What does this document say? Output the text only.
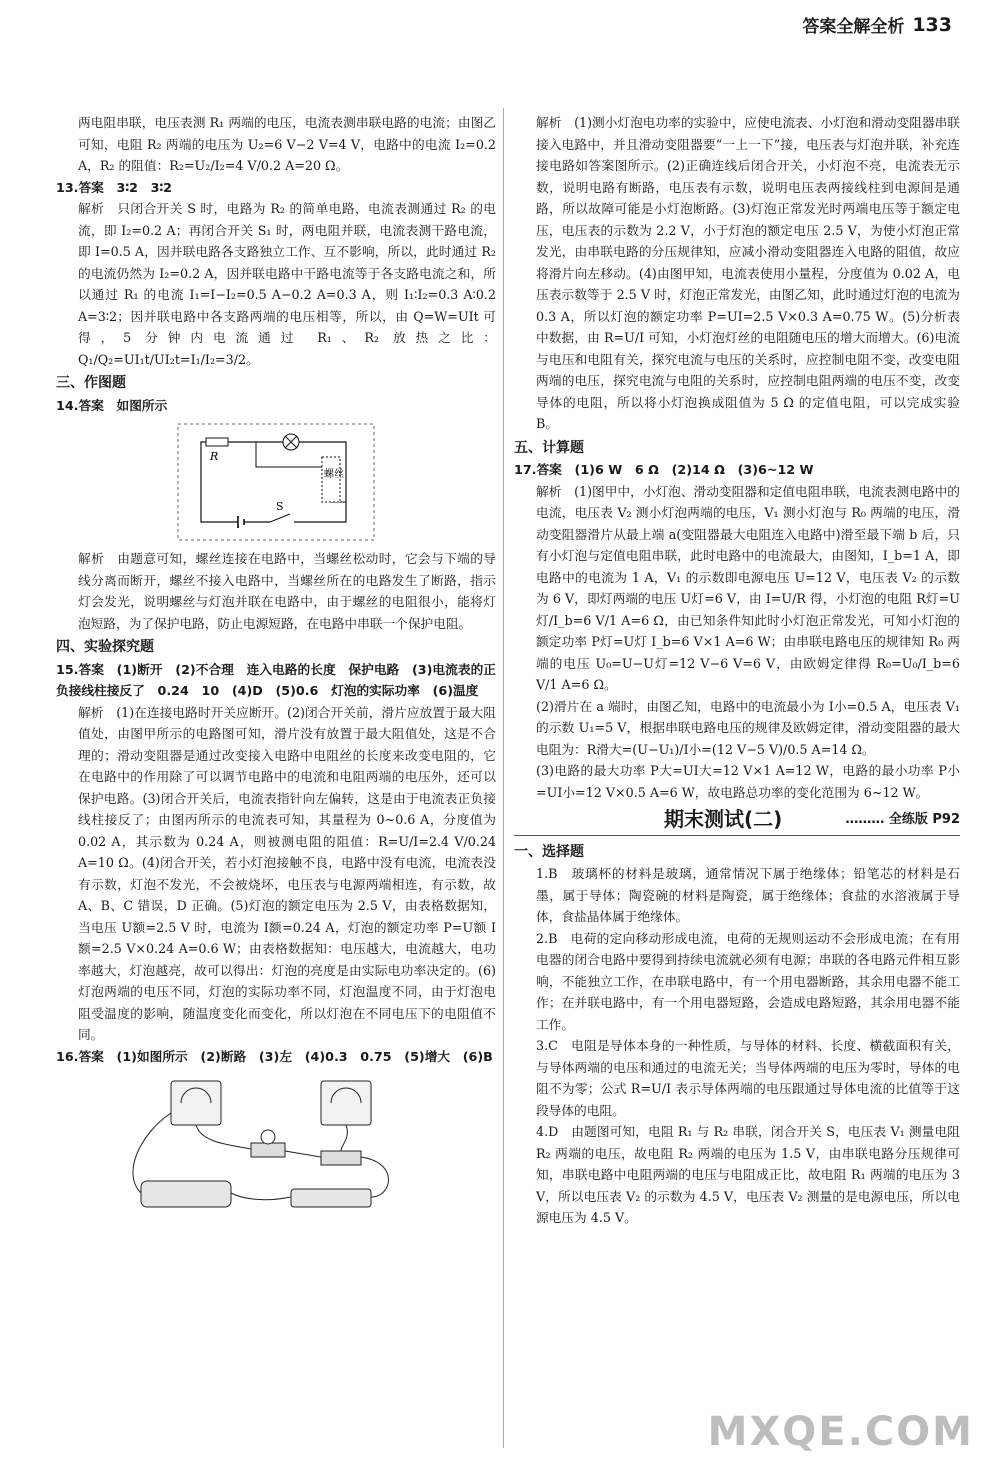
答案全解全析 133

两电阻串联，电压表测 R₁ 两端的电压，电流表测串联电路的电流；由图乙可知，电阻 R₂ 两端的电压为 U₂=6 V−2 V=4 V，电路中的电流 I₂=0.2 A，R₂ 的阻值：R₂=U₂/I₂=4 V/0.2 A=20 Ω。

13.答案　3∶2　3∶2

解析　只闭合开关 S 时，电路为 R₂ 的简单电路，电流表测通过 R₂ 的电流，即 I₂=0.2 A；再闭合开关 S₁ 时，两电阻并联，电流表测干路电流，即 I=0.5 A，因并联电路各支路独立工作、互不影响，所以，此时通过 R₂ 的电流仍然为 I₂=0.2 A，因并联电路中干路电流等于各支路电流之和，所以通过 R₁ 的电流 I₁=I−I₂=0.5 A−0.2 A=0.3 A，则 I₁∶I₂=0.3 A∶0.2 A=3∶2；因并联电路中各支路两端的电压相等，所以，由 Q=W=UIt 可得，5 分钟内电流通过 R₁、R₂ 放热之比：Q₁/Q₂=UI₁t/UI₂t=I₁/I₂=3/2。

三、作图题

14.答案　如图所示

R
螺丝
S

解析　由题意可知，螺丝连接在电路中，当螺丝松动时，它会与下端的导线分离而断开，螺丝不接入电路中，当螺丝所在的电路发生了断路，指示灯会发光，说明螺丝与灯泡并联在电路中，由于螺丝的电阻很小，能将灯泡短路，为了保护电路，防止电源短路，在电路中串联一个保护电阻。

四、实验探究题

15.答案　(1)断开　(2)不合理　连入电路的长度　保护电路　(3)电流表的正负接线柱接反了　0.24　10　(4)D　(5)0.6　灯泡的实际功率　(6)温度

解析　(1)在连接电路时开关应断开。(2)闭合开关前，滑片应放置于最大阻值处，由图甲所示的电路图可知，滑片没有放置于最大阻值处，这是不合理的；滑动变阻器是通过改变接入电路中电阻丝的长度来改变电阻的，它在电路中的作用除了可以调节电路中的电流和电阻两端的电压外，还可以保护电路。(3)闭合开关后，电流表指针向左偏转，这是由于电流表正负接线柱接反了；由图丙所示的电流表可知，其量程为 0~0.6 A，分度值为 0.02 A，其示数为 0.24 A，则被测电阻的阻值：R=U/I=2.4 V/0.24 A=10 Ω。(4)闭合开关，若小灯泡接触不良，电路中没有电流，电流表没有示数，灯泡不发光，不会被烧坏，电压表与电源两端相连，有示数，故 A、B、C 错误，D 正确。(5)灯泡的额定电压为 2.5 V，由表格数据知，当电压 U额=2.5 V 时，电流为 I额=0.24 A，灯泡的额定功率 P=U额 I额=2.5 V×0.24 A=0.6 W；由表格数据知：电压越大，电流越大，电功率越大，灯泡越亮，故可以得出：灯泡的亮度是由实际电功率决定的。(6)灯泡两端的电压不同，灯泡的实际功率不同，灯泡温度不同，由于灯泡电阻受温度的影响，随温度变化而变化，所以灯泡在不同电压下的电阻值不同。

16.答案　(1)如图所示　(2)断路　(3)左　(4)0.3　0.75　(5)增大　(6)B

解析　(1)测小灯泡电功率的实验中，应使电流表、小灯泡和滑动变阻器串联接入电路中，并且滑动变阻器要“一上一下”接，电压表与灯泡并联，补充连接电路如答案图所示。(2)正确连线后闭合开关，小灯泡不亮，电流表无示数，说明电路有断路，电压表有示数，说明电压表两接线柱到电源间是通路，所以故障可能是小灯泡断路。(3)灯泡正常发光时两端电压等于额定电压，电压表的示数为 2.2 V，小于灯泡的额定电压 2.5 V，为使小灯泡正常发光，由串联电路的分压规律知，应减小滑动变阻器连入电路的阻值，故应将滑片向左移动。(4)由图甲知，电流表使用小量程，分度值为 0.02 A，电压表示数等于 2.5 V 时，灯泡正常发光，由图乙知，此时通过灯泡的电流为 0.3 A，所以灯泡的额定功率 P=UI=2.5 V×0.3 A=0.75 W。(5)分析表中数据，由 R=U/I 可知，小灯泡灯丝的电阻随电压的增大而增大。(6)电流与电压和电阻有关，探究电流与电压的关系时，应控制电阻不变，改变电阻两端的电压，探究电流与电阻的关系时，应控制电阻两端的电压不变，改变导体的电阻，所以将小灯泡换成阻值为 5 Ω 的定值电阻，可以完成实验 B。

五、计算题

17.答案　(1)6 W　6 Ω　(2)14 Ω　(3)6~12 W

解析　(1)图甲中，小灯泡、滑动变阻器和定值电阻串联，电流表测电路中的电流，电压表 V₂ 测小灯泡两端的电压，V₁ 测小灯泡与 R₀ 两端的电压，滑动变阻器滑片从最上端 a(变阻器最大电阻连入电路中)滑至最下端 b 后，只有小灯泡与定值电阻串联，此时电路中的电流最大，由图知，I_b=1 A，即电路中的电流为 1 A，V₁ 的示数即电源电压 U=12 V，电压表 V₂ 的示数为 6 V，即灯两端的电压 U灯=6 V，由 I=U/R 得，小灯泡的电阻 R灯=U灯/I_b=6 V/1 A=6 Ω，由已知条件知此时小灯泡正常发光，可知小灯泡的额定功率 P灯=U灯 I_b=6 V×1 A=6 W；由串联电路电压的规律知 R₀ 两端的电压 U₀=U−U灯=12 V−6 V=6 V，由欧姆定律得 R₀=U₀/I_b=6 V/1 A=6 Ω。

(2)滑片在 a 端时，由图乙知，电路中的电流最小为 I小=0.5 A，电压表 V₁ 的示数 U₁=5 V，根据串联电路电压的规律及欧姆定律，滑动变阻器的最大电阻为：R滑大=(U−U₁)/I小=(12 V−5 V)/0.5 A=14 Ω。

(3)电路的最大功率 P大=UI大=12 V×1 A=12 W，电路的最小功率 P小=UI小=12 V×0.5 A=6 W，故电路总功率的变化范围为 6~12 W。

期末测试(二)	……… 全练版 P92

一、选择题

1.B　玻璃杯的材料是玻璃，通常情况下属于绝缘体；铅笔芯的材料是石墨，属于导体；陶瓷碗的材料是陶瓷，属于绝缘体；食盐的水溶液属于导体，食盐晶体属于绝缘体。

2.B　电荷的定向移动形成电流，电荷的无规则运动不会形成电流；在有用电器的闭合电路中要得到持续电流就必须有电源；串联的各电路元件相互影响，不能独立工作，在串联电路中，有一个用电器断路，其余用电器不能工作；在并联电路中，有一个用电器短路，会造成电路短路，其余用电器不能工作。

3.C　电阻是导体本身的一种性质，与导体的材料、长度、横截面积有关，与导体两端的电压和通过的电流无关；当导体两端的电压为零时，导体的电阻不为零；公式 R=U/I 表示导体两端的电压跟通过导体电流的比值等于这段导体的电阻。

4.D　由题图可知，电阻 R₁ 与 R₂ 串联，闭合开关 S，电压表 V₁ 测量电阻 R₂ 两端的电压，故电阻 R₂ 两端的电压为 1.5 V，由串联电路分压规律可知，串联电路中电阻两端的电压与电阻成正比，故电阻 R₁ 两端的电压为 3 V，所以电压表 V₂ 的示数为 4.5 V，电压表 V₂ 测量的是电源电压，所以电源电压为 4.5 V。

MXQE.COM
